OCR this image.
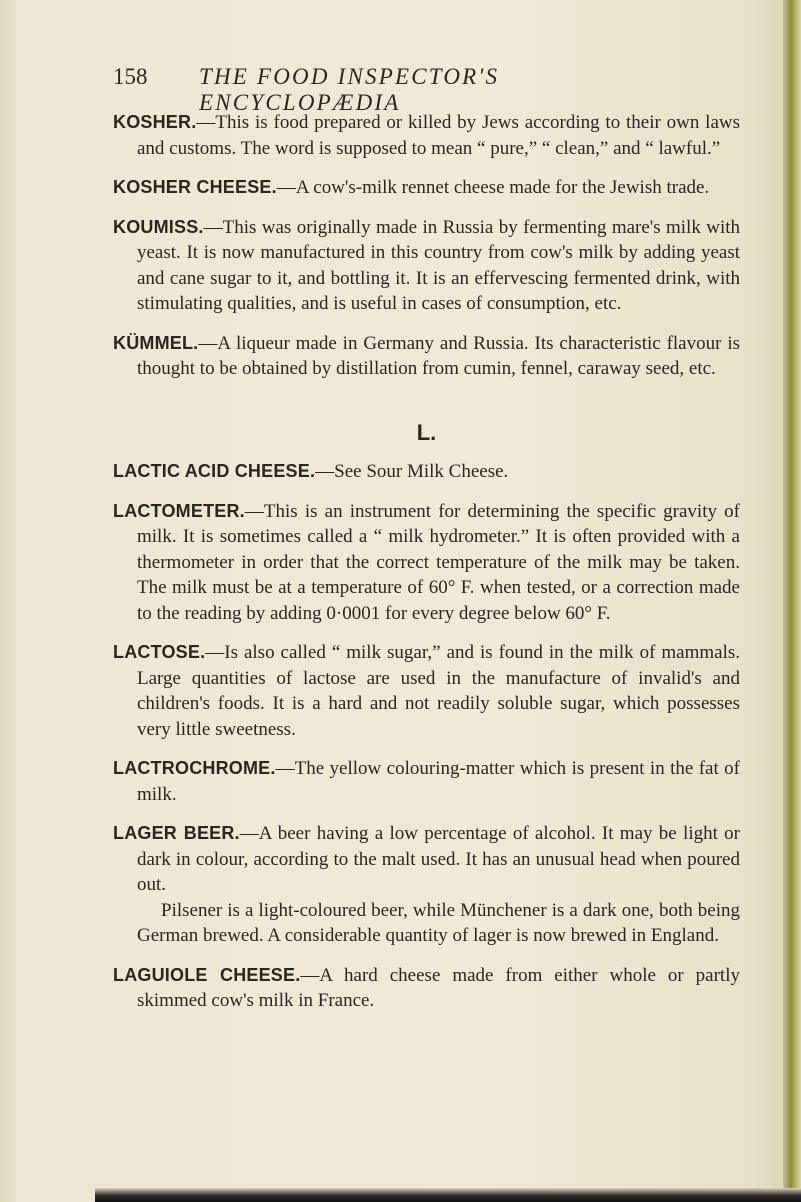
158 THE FOOD INSPECTOR'S ENCYCLOPÆDIA

KOSHER.—This is food prepared or killed by Jews according to their own laws and customs. The word is supposed to mean “ pure,” “ clean,” and “ lawful.”

KOSHER CHEESE.—A cow's-milk rennet cheese made for the Jewish trade.

KOUMISS.—This was originally made in Russia by fermenting mare's milk with yeast. It is now manufactured in this country from cow's milk by adding yeast and cane sugar to it, and bottling it. It is an effervescing fermented drink, with stimulating qualities, and is useful in cases of consumption, etc.

KÜMMEL.—A liqueur made in Germany and Russia. Its characteristic flavour is thought to be obtained by distillation from cumin, fennel, caraway seed, etc.

L.

LACTIC ACID CHEESE.—See Sour Milk Cheese.

LACTOMETER.—This is an instrument for determining the specific gravity of milk. It is sometimes called a “ milk hydrometer.” It is often provided with a thermometer in order that the correct temperature of the milk may be taken. The milk must be at a temperature of 60° F. when tested, or a correction made to the reading by adding 0·0001 for every degree below 60° F.

LACTOSE.—Is also called “ milk sugar,” and is found in the milk of mammals. Large quantities of lactose are used in the manufacture of invalid's and children's foods. It is a hard and not readily soluble sugar, which possesses very little sweetness.

LACTROCHROME.—The yellow colouring-matter which is present in the fat of milk.

LAGER BEER.—A beer having a low percentage of alcohol. It may be light or dark in colour, according to the malt used. It has an unusual head when poured out.

Pilsener is a light-coloured beer, while Münchener is a dark one, both being German brewed. A considerable quantity of lager is now brewed in England.

LAGUIOLE CHEESE.—A hard cheese made from either whole or partly skimmed cow's milk in France.
